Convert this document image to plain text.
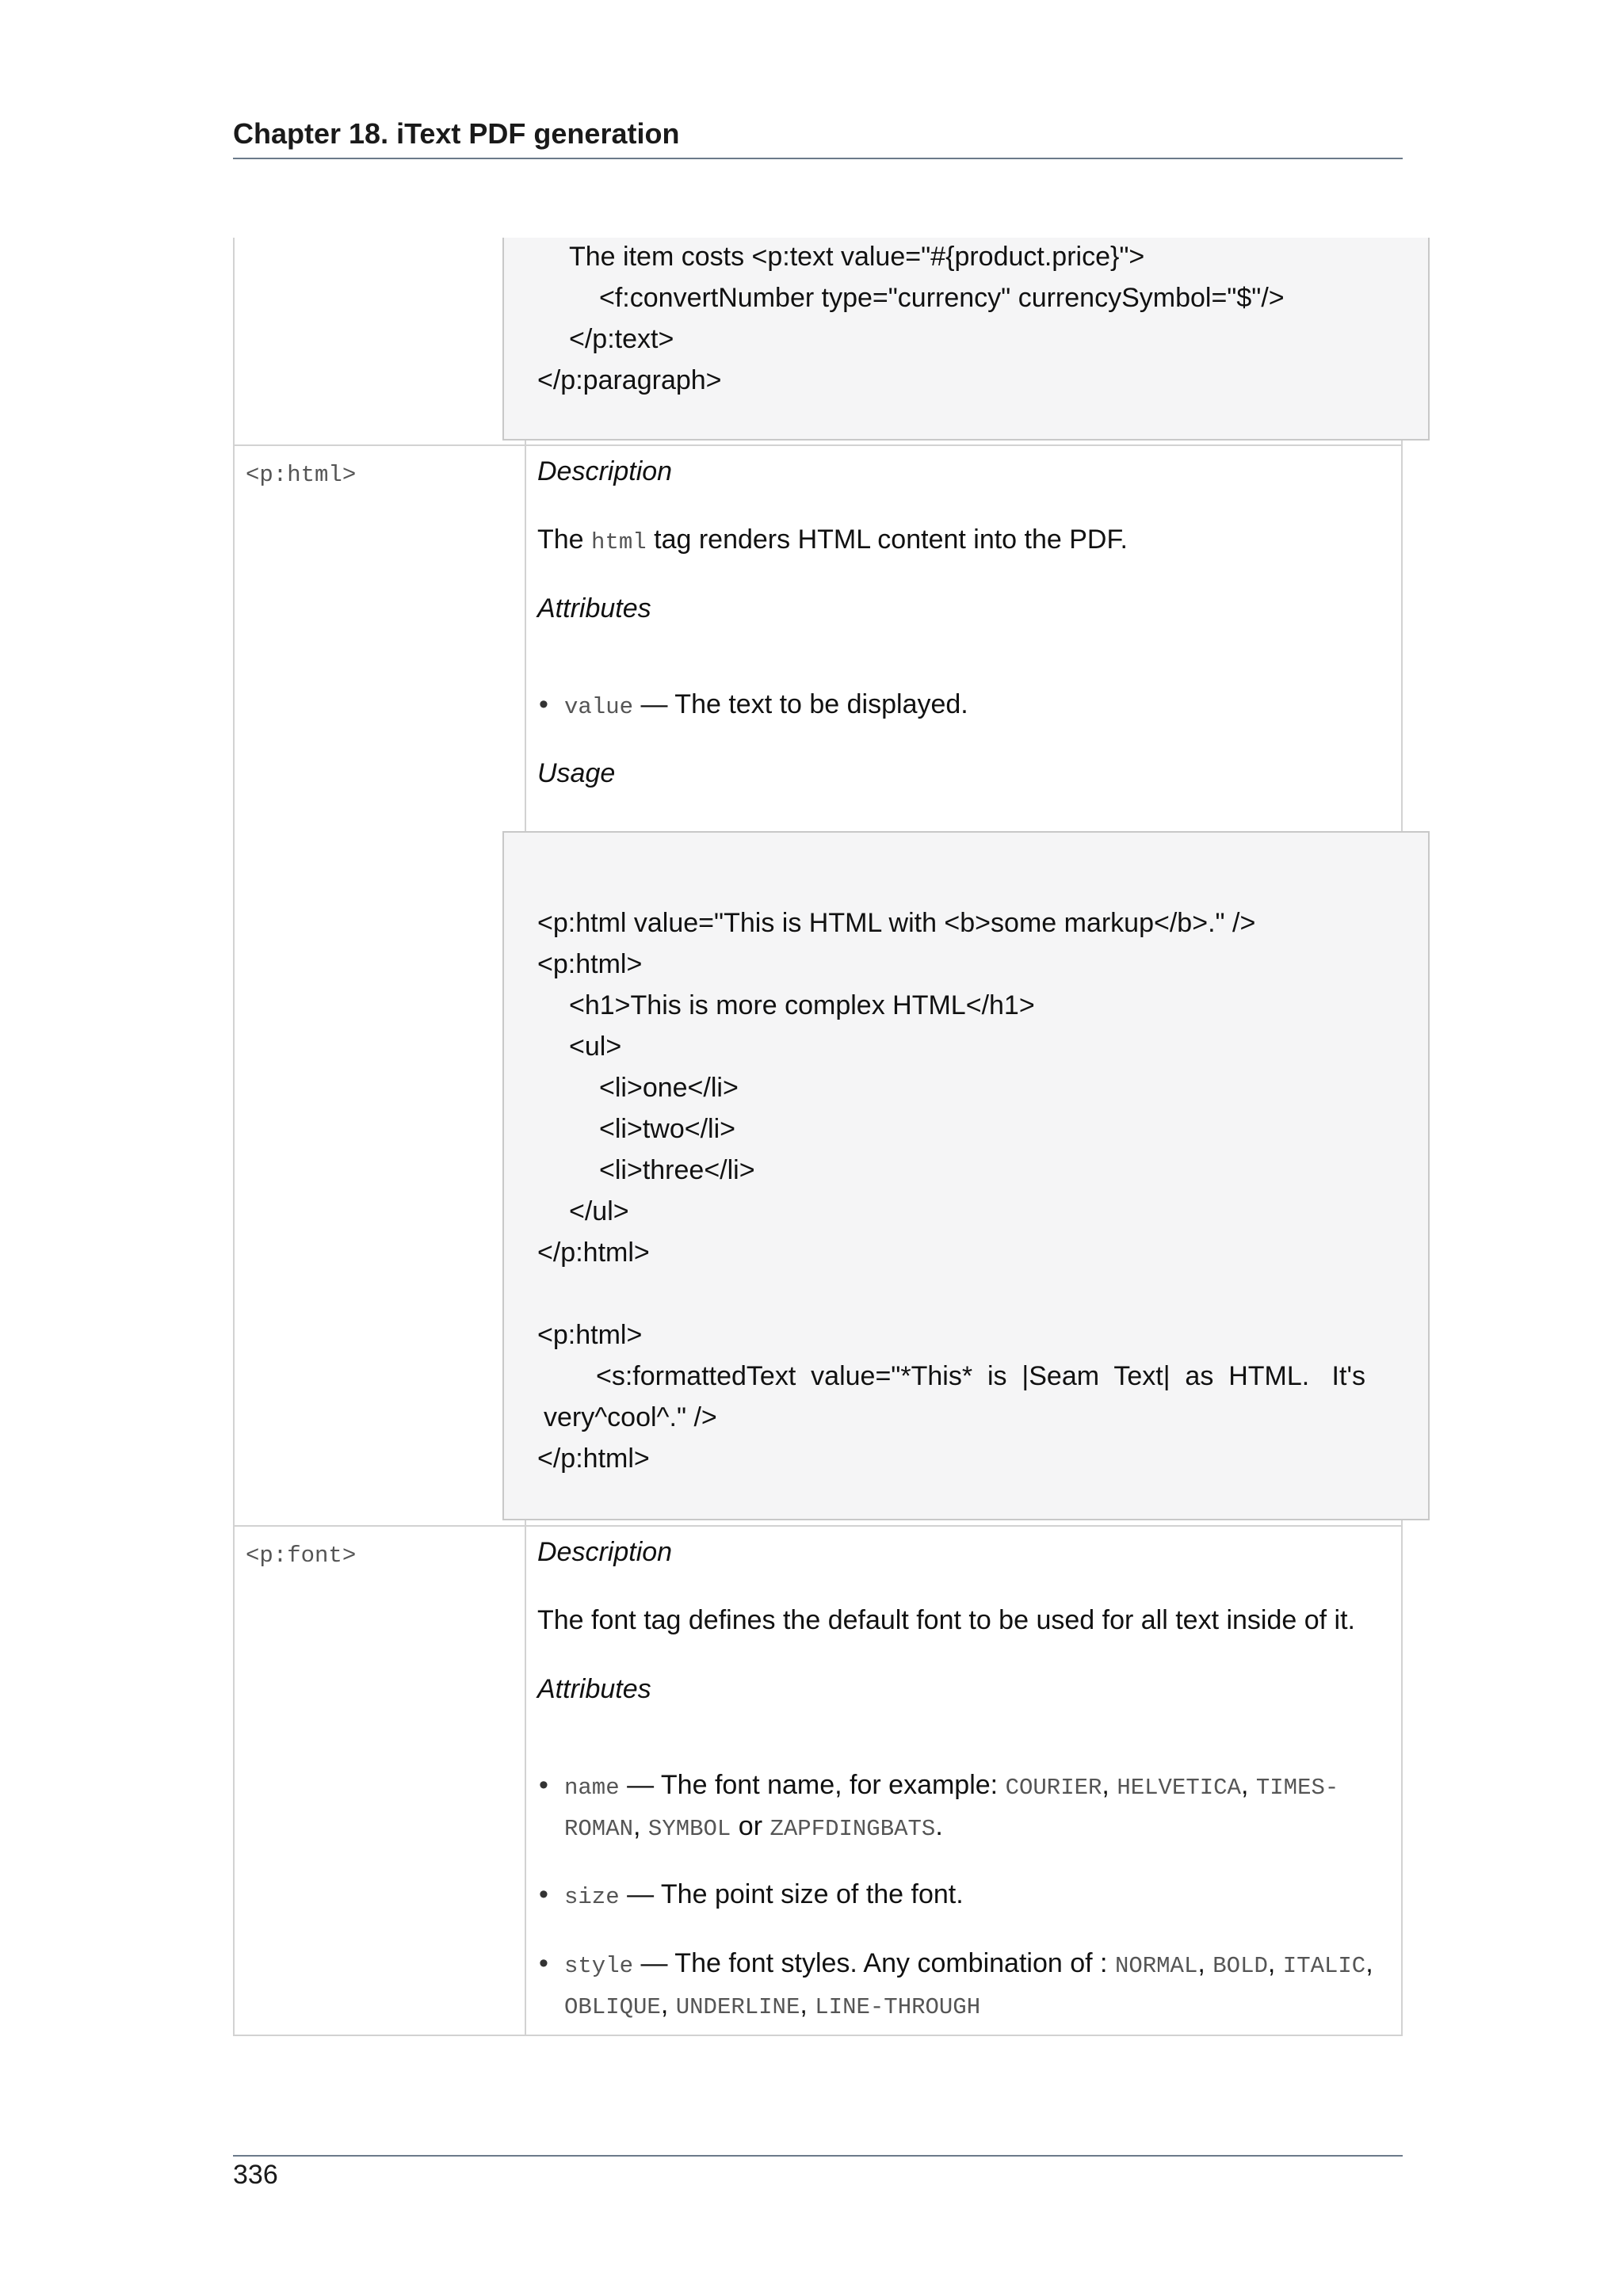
Chapter 18. iText PDF generation
The item costs <p:text value="#{product.price}">
<f:convertNumber type="currency" currencySymbol="$"/>
</p:text>
</p:paragraph>
<p:html>	Description
The html tag renders HTML content into the PDF.
Attributes
• value — The text to be displayed.
Usage
<p:html value="This is HTML with <b>some markup</b>." />
<p:html>
<h1>This is more complex HTML</h1>
<ul>
<li>one</li>
<li>two</li>
<li>three</li>
</ul>
</p:html>
<p:html>
<s:formattedText  value="*This*  is  |Seam  Text|  as  HTML.   It's
very^cool^." />
</p:html>
<p:font>	Description
The font tag defines the default font to be used for all text inside of it.
Attributes
• name — The font name, for example: COURIER, HELVETICA, TIMES-
ROMAN, SYMBOL or ZAPFDINGBATS.
• size — The point size of the font.
• style — The font styles. Any combination of : NORMAL, BOLD, ITALIC,
OBLIQUE, UNDERLINE, LINE-THROUGH
336
